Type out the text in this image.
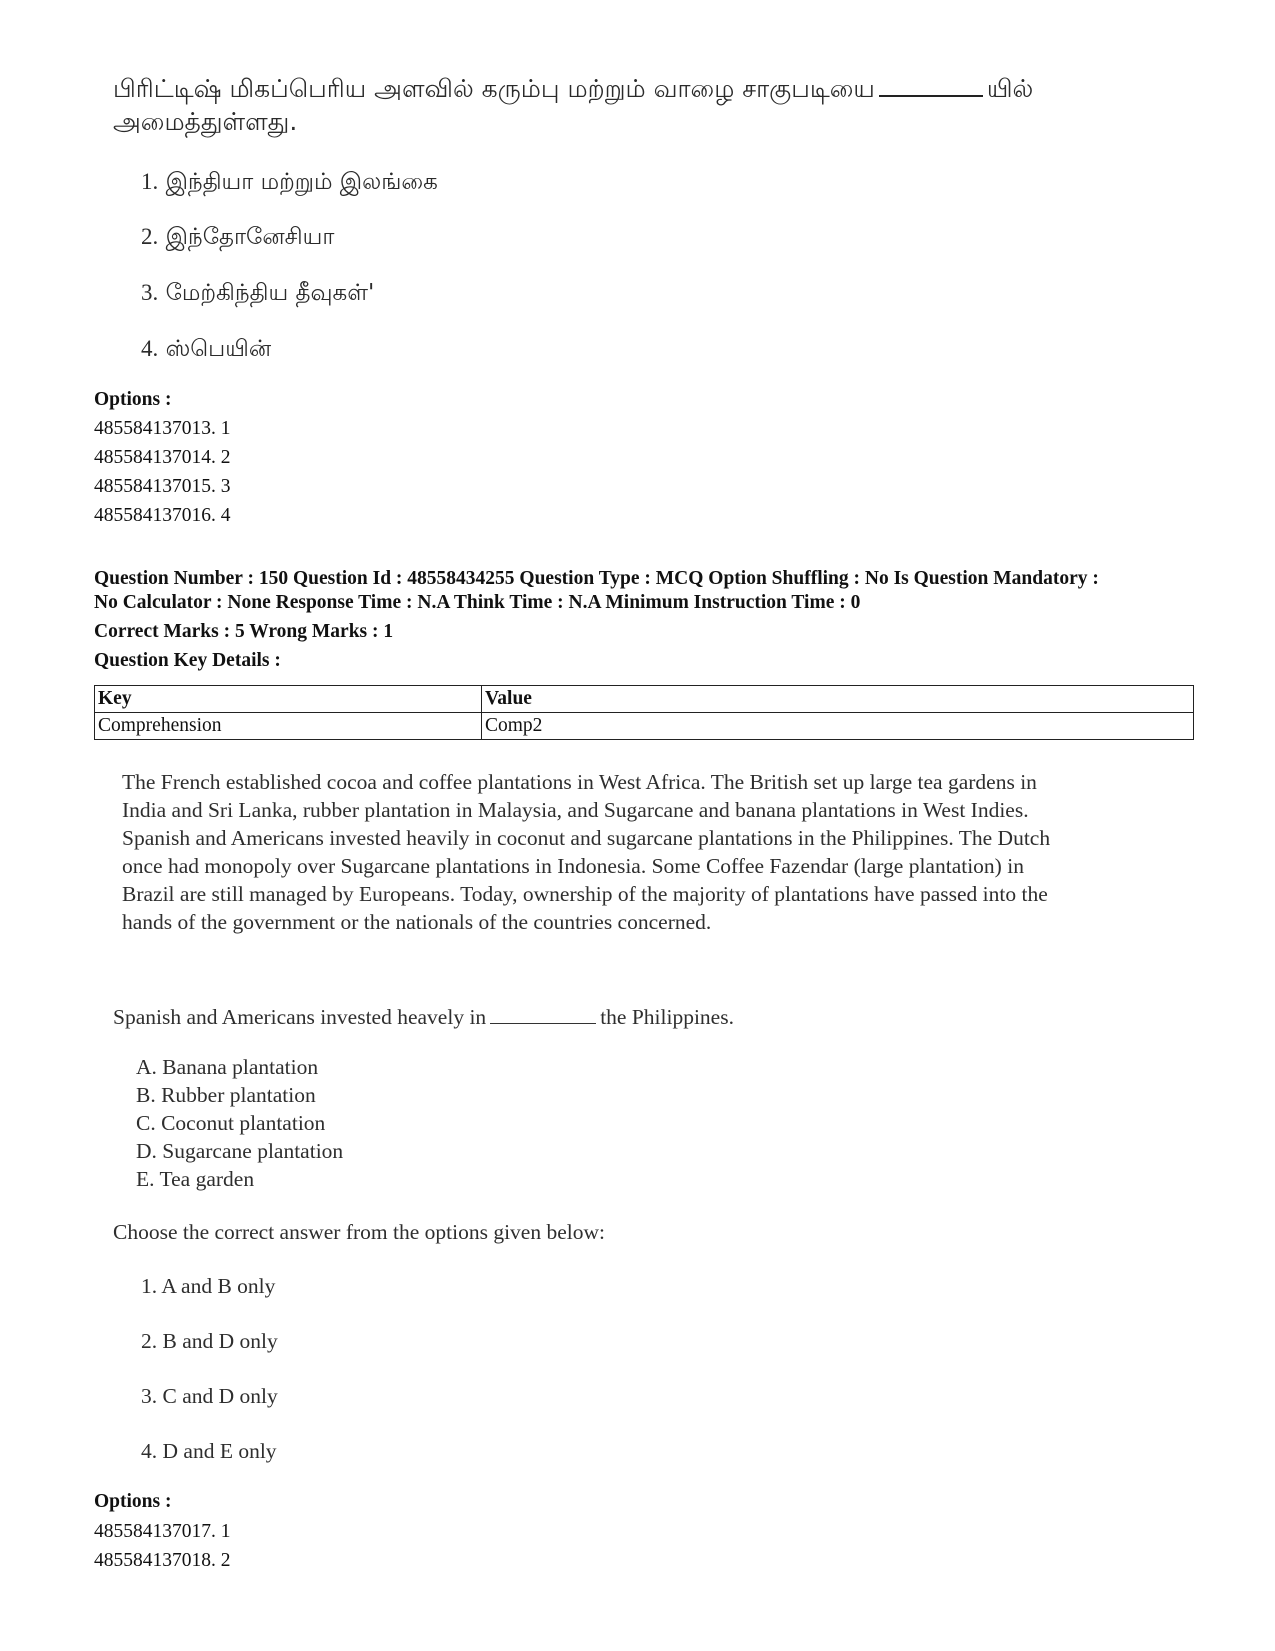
பிரிட்டிஷ் மிகப்பெரிய அளவில் கரும்பு மற்றும் வாழை சாகுபடியை	யில் அமைத்துள்ளது.
1. இந்தியா மற்றும் இலங்கை
2. இந்தோனேசியா
3. மேற்கிந்திய தீவுகள்'
4. ஸ்பெயின்
Options :
485584137013. 1
485584137014. 2
485584137015. 3
485584137016. 4
Question Number : 150 Question Id : 48558434255 Question Type : MCQ Option Shuffling : No Is Question Mandatory :
No Calculator : None Response Time : N.A Think Time : N.A Minimum Instruction Time : 0
Correct Marks : 5 Wrong Marks : 1
Question Key Details :
Key	Value
Comprehension	Comp2
The French established cocoa and coffee plantations in West Africa. The British set up large tea gardens in
India and Sri Lanka, rubber plantation in Malaysia, and Sugarcane and banana plantations in West Indies.
Spanish and Americans invested heavily in coconut and sugarcane plantations in the Philippines. The Dutch
once had monopoly over Sugarcane plantations in Indonesia. Some Coffee Fazendar (large plantation) in
Brazil are still managed by Europeans. Today, ownership of the majority of plantations have passed into the
hands of the government or the nationals of the countries concerned.
Spanish and Americans invested heavely in	the Philippines.
A. Banana plantation
B. Rubber plantation
C. Coconut plantation
D. Sugarcane plantation
E. Tea garden
Choose the correct answer from the options given below:
1. A and B only
2. B and D only
3. C and D only
4. D and E only
Options :
485584137017. 1
485584137018. 2
